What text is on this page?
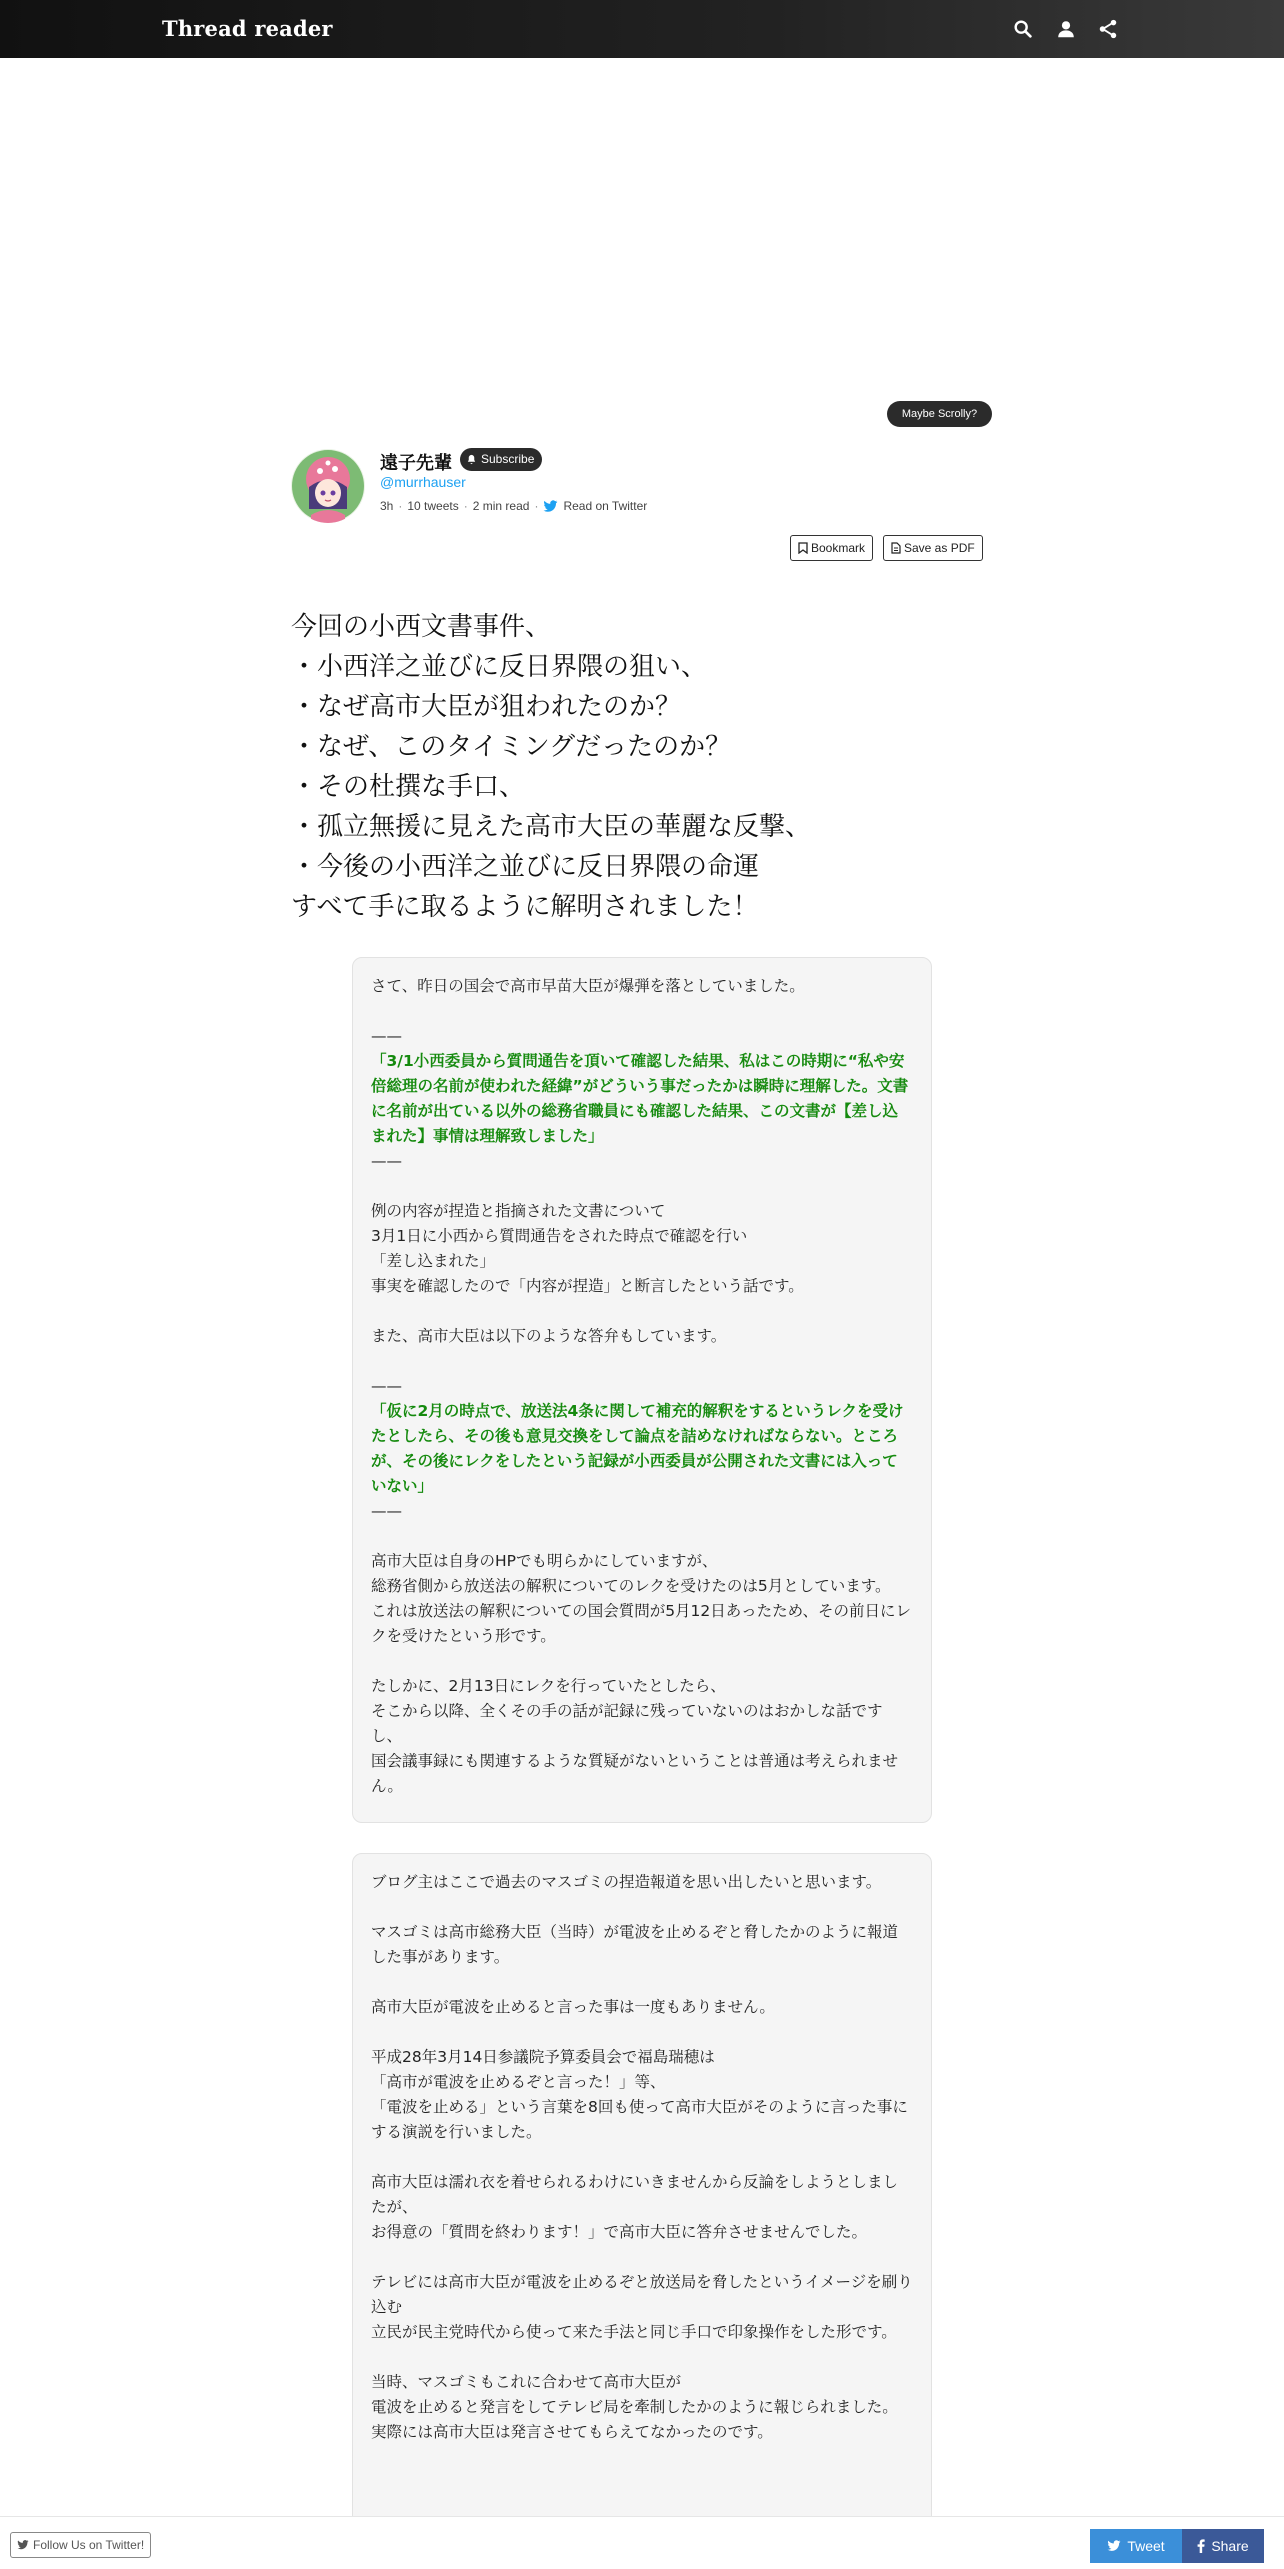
Thread reader
Maybe Scrolly?
遠子先輩 Subscribe
@murrhauser
3h · 10 tweets · 2 min read · Read on Twitter
Bookmark	Save as PDF
今回の小西文書事件、
・小西洋之並びに反日界隈の狙い、
・なぜ高市大臣が狙われたのか？
・なぜ、このタイミングだったのか？
・その杜撰な手口、
・孤立無援に見えた高市大臣の華麗な反撃、
・今後の小西洋之並びに反日界隈の命運
すべて手に取るように解明されました！
さて、昨日の国会で高市早苗大臣が爆弾を落としていました。

——
「3/1小西委員から質問通告を頂いて確認した結果、私はこの時期に“私や安倍総理の名前が使われた経緯”がどういう事だったかは瞬時に理解した。文書に名前が出ている以外の総務省職員にも確認した結果、この文書が【差し込まれた】事情は理解致しました」
——

例の内容が捏造と指摘された文書について
3月1日に小西から質問通告をされた時点で確認を行い
「差し込まれた」
事実を確認したので「内容が捏造」と断言したという話です。

また、高市大臣は以下のような答弁もしています。

——
「仮に2月の時点で、放送法4条に関して補充的解釈をするというレクを受けたとしたら、その後も意見交換をして論点を詰めなければならない。ところが、その後にレクをしたという記録が小西委員が公開された文書には入っていない」
——

高市大臣は自身のHPでも明らかにしていますが、
総務省側から放送法の解釈についてのレクを受けたのは5月としています。
これは放送法の解釈についての国会質問が5月12日あったため、その前日にレクを受けたという形です。

たしかに、2月13日にレクを行っていたとしたら、
そこから以降、全くその手の話が記録に残っていないのはおかしな話ですし、
国会議事録にも関連するような質疑がないということは普通は考えられません。
ブログ主はここで過去のマスゴミの捏造報道を思い出したいと思います。

マスゴミは高市総務大臣（当時）が電波を止めるぞと脅したかのように報道した事があります。

高市大臣が電波を止めると言った事は一度もありません。

平成28年3月14日参議院予算委員会で福島瑞穂は
「高市が電波を止めるぞと言った！」等、
「電波を止める」という言葉を8回も使って高市大臣がそのように言った事にする演説を行いました。

高市大臣は濡れ衣を着せられるわけにいきませんから反論をしようとしましたが、
お得意の「質問を終わります！」で高市大臣に答弁させませんでした。

テレビには高市大臣が電波を止めるぞと放送局を脅したというイメージを刷り込む
立民が民主党時代から使って来た手法と同じ手口で印象操作をした形です。

当時、マスゴミもこれに合わせて高市大臣が
電波を止めると発言をしてテレビ局を牽制したかのように報じられました。
実際には高市大臣は発言させてもらえてなかったのです。
Follow Us on Twitter!	Tweet	Share
